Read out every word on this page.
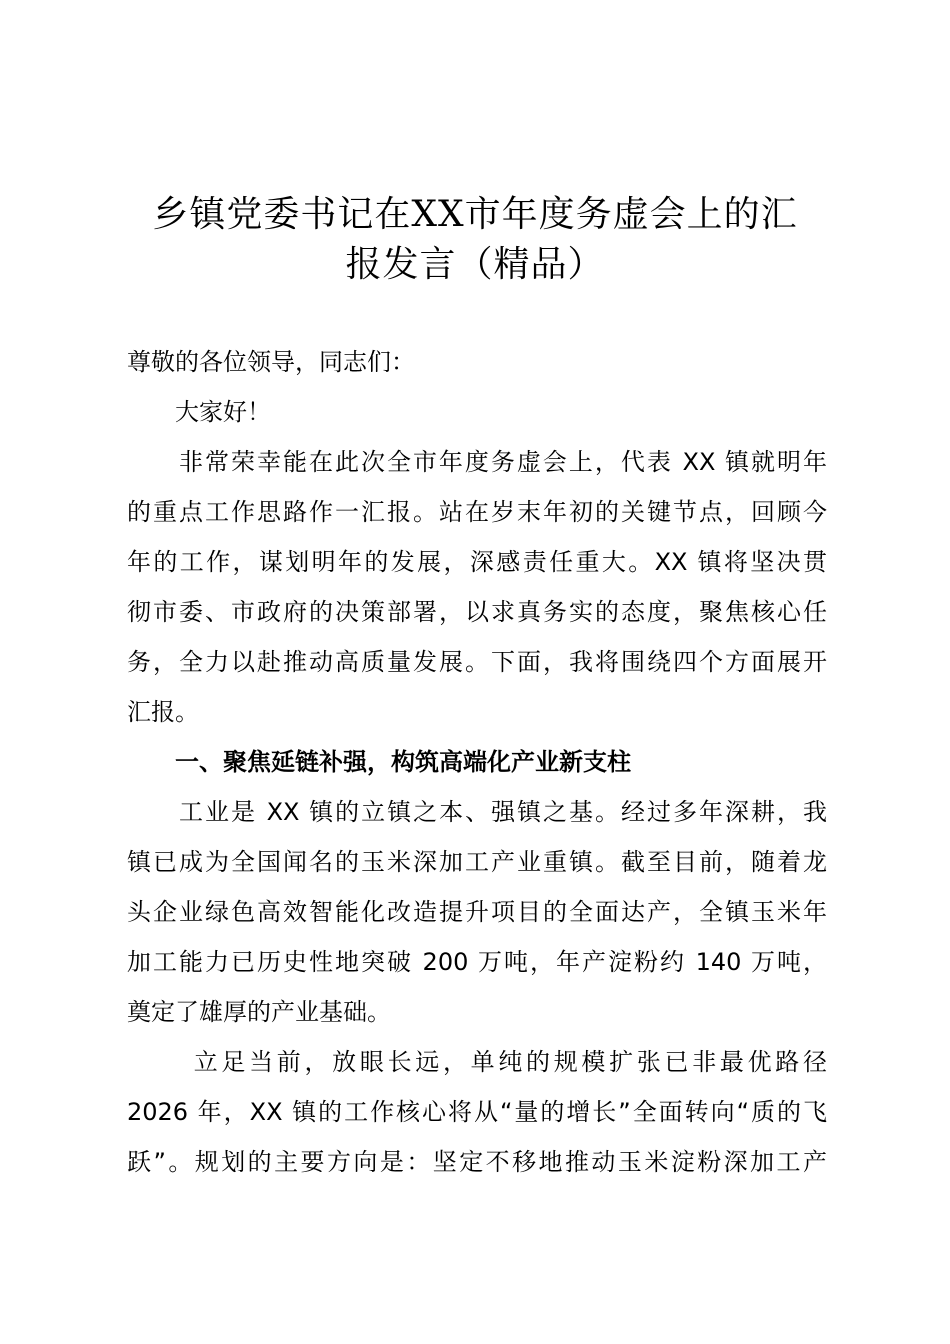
乡镇党委书记在XX市年度务虚会上的汇
报发言（精品）
尊敬的各位领导，同志们：
　　大家好！
　　非常荣幸能在此次全市年度务虚会上，代表 XX 镇就明年
的重点工作思路作一汇报。站在岁末年初的关键节点，回顾今
年的工作，谋划明年的发展，深感责任重大。XX 镇将坚决贯
彻市委、市政府的决策部署，以求真务实的态度，聚焦核心任
务，全力以赴推动高质量发展。下面，我将围绕四个方面展开
汇报。
　　一、聚焦延链补强，构筑高端化产业新支柱
　　工业是 XX 镇的立镇之本、强镇之基。经过多年深耕，我
镇已成为全国闻名的玉米深加工产业重镇。截至目前，随着龙
头企业绿色高效智能化改造提升项目的全面达产，全镇玉米年
加工能力已历史性地突破 200 万吨，年产淀粉约 140 万吨，
奠定了雄厚的产业基础。
　　 立足当前，放眼长远，单纯的规模扩张已非最优路径
2026 年，XX 镇的工作核心将从“量的增长”全面转向“质的飞
跃”。规划的主要方向是：坚定不移地推动玉米淀粉深加工产
